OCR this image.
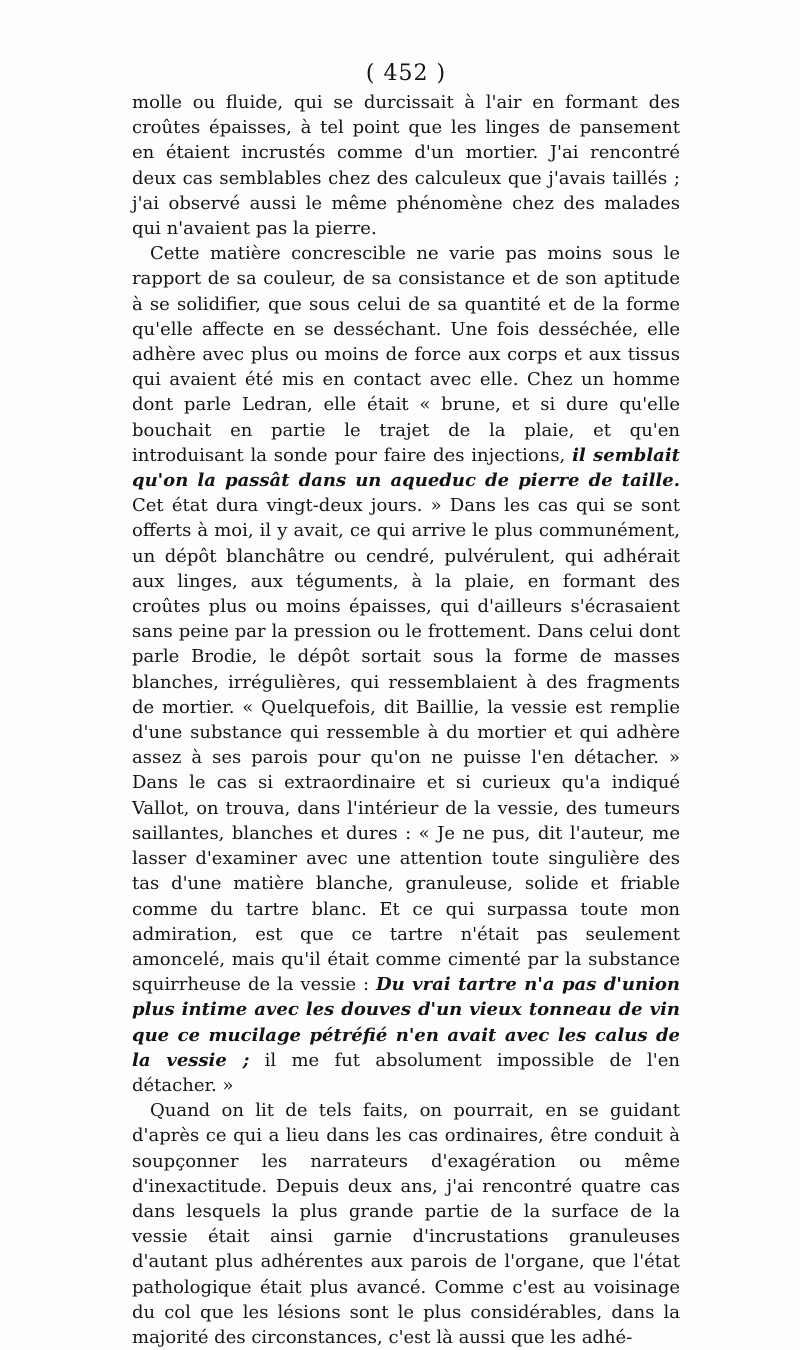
( 452 )

molle ou fluide, qui se durcissait à l'air en formant des croûtes épaisses, à tel point que les linges de pansement en étaient incrustés comme d'un mortier. J'ai rencontré deux cas semblables chez des calculeux que j'avais taillés ; j'ai observé aussi le même phénomène chez des malades qui n'avaient pas la pierre.

Cette matière concrescible ne varie pas moins sous le rapport de sa couleur, de sa consistance et de son aptitude à se solidifier, que sous celui de sa quantité et de la forme qu'elle affecte en se desséchant. Une fois desséchée, elle adhère avec plus ou moins de force aux corps et aux tissus qui avaient été mis en contact avec elle. Chez un homme dont parle Ledran, elle était « brune, et si dure qu'elle bouchait en partie le trajet de la plaie, et qu'en introduisant la sonde pour faire des injections, il semblait qu'on la passât dans un aqueduc de pierre de taille. Cet état dura vingt-deux jours. » Dans les cas qui se sont offerts à moi, il y avait, ce qui arrive le plus communément, un dépôt blanchâtre ou cendré, pulvérulent, qui adhérait aux linges, aux téguments, à la plaie, en formant des croûtes plus ou moins épaisses, qui d'ailleurs s'écrasaient sans peine par la pression ou le frottement. Dans celui dont parle Brodie, le dépôt sortait sous la forme de masses blanches, irrégulières, qui ressemblaient à des fragments de mortier. « Quelquefois, dit Baillie, la vessie est remplie d'une substance qui ressemble à du mortier et qui adhère assez à ses parois pour qu'on ne puisse l'en détacher. » Dans le cas si extraordinaire et si curieux qu'a indiqué Vallot, on trouva, dans l'intérieur de la vessie, des tumeurs saillantes, blanches et dures : « Je ne pus, dit l'auteur, me lasser d'examiner avec une attention toute singulière des tas d'une matière blanche, granuleuse, solide et friable comme du tartre blanc. Et ce qui surpassa toute mon admiration, est que ce tartre n'était pas seulement amoncelé, mais qu'il était comme cimenté par la substance squirrheuse de la vessie : Du vrai tartre n'a pas d'union plus intime avec les douves d'un vieux tonneau de vin que ce mucilage pétréfié n'en avait avec les calus de la vessie ; il me fut absolument impossible de l'en détacher. »

Quand on lit de tels faits, on pourrait, en se guidant d'après ce qui a lieu dans les cas ordinaires, être conduit à soupçonner les narrateurs d'exagération ou même d'inexactitude. Depuis deux ans, j'ai rencontré quatre cas dans lesquels la plus grande partie de la surface de la vessie était ainsi garnie d'incrustations granuleuses d'autant plus adhérentes aux parois de l'organe, que l'état pathologique était plus avancé. Comme c'est au voisinage du col que les lésions sont le plus considérables, dans la majorité des circonstances, c'est là aussi que les adhé-
